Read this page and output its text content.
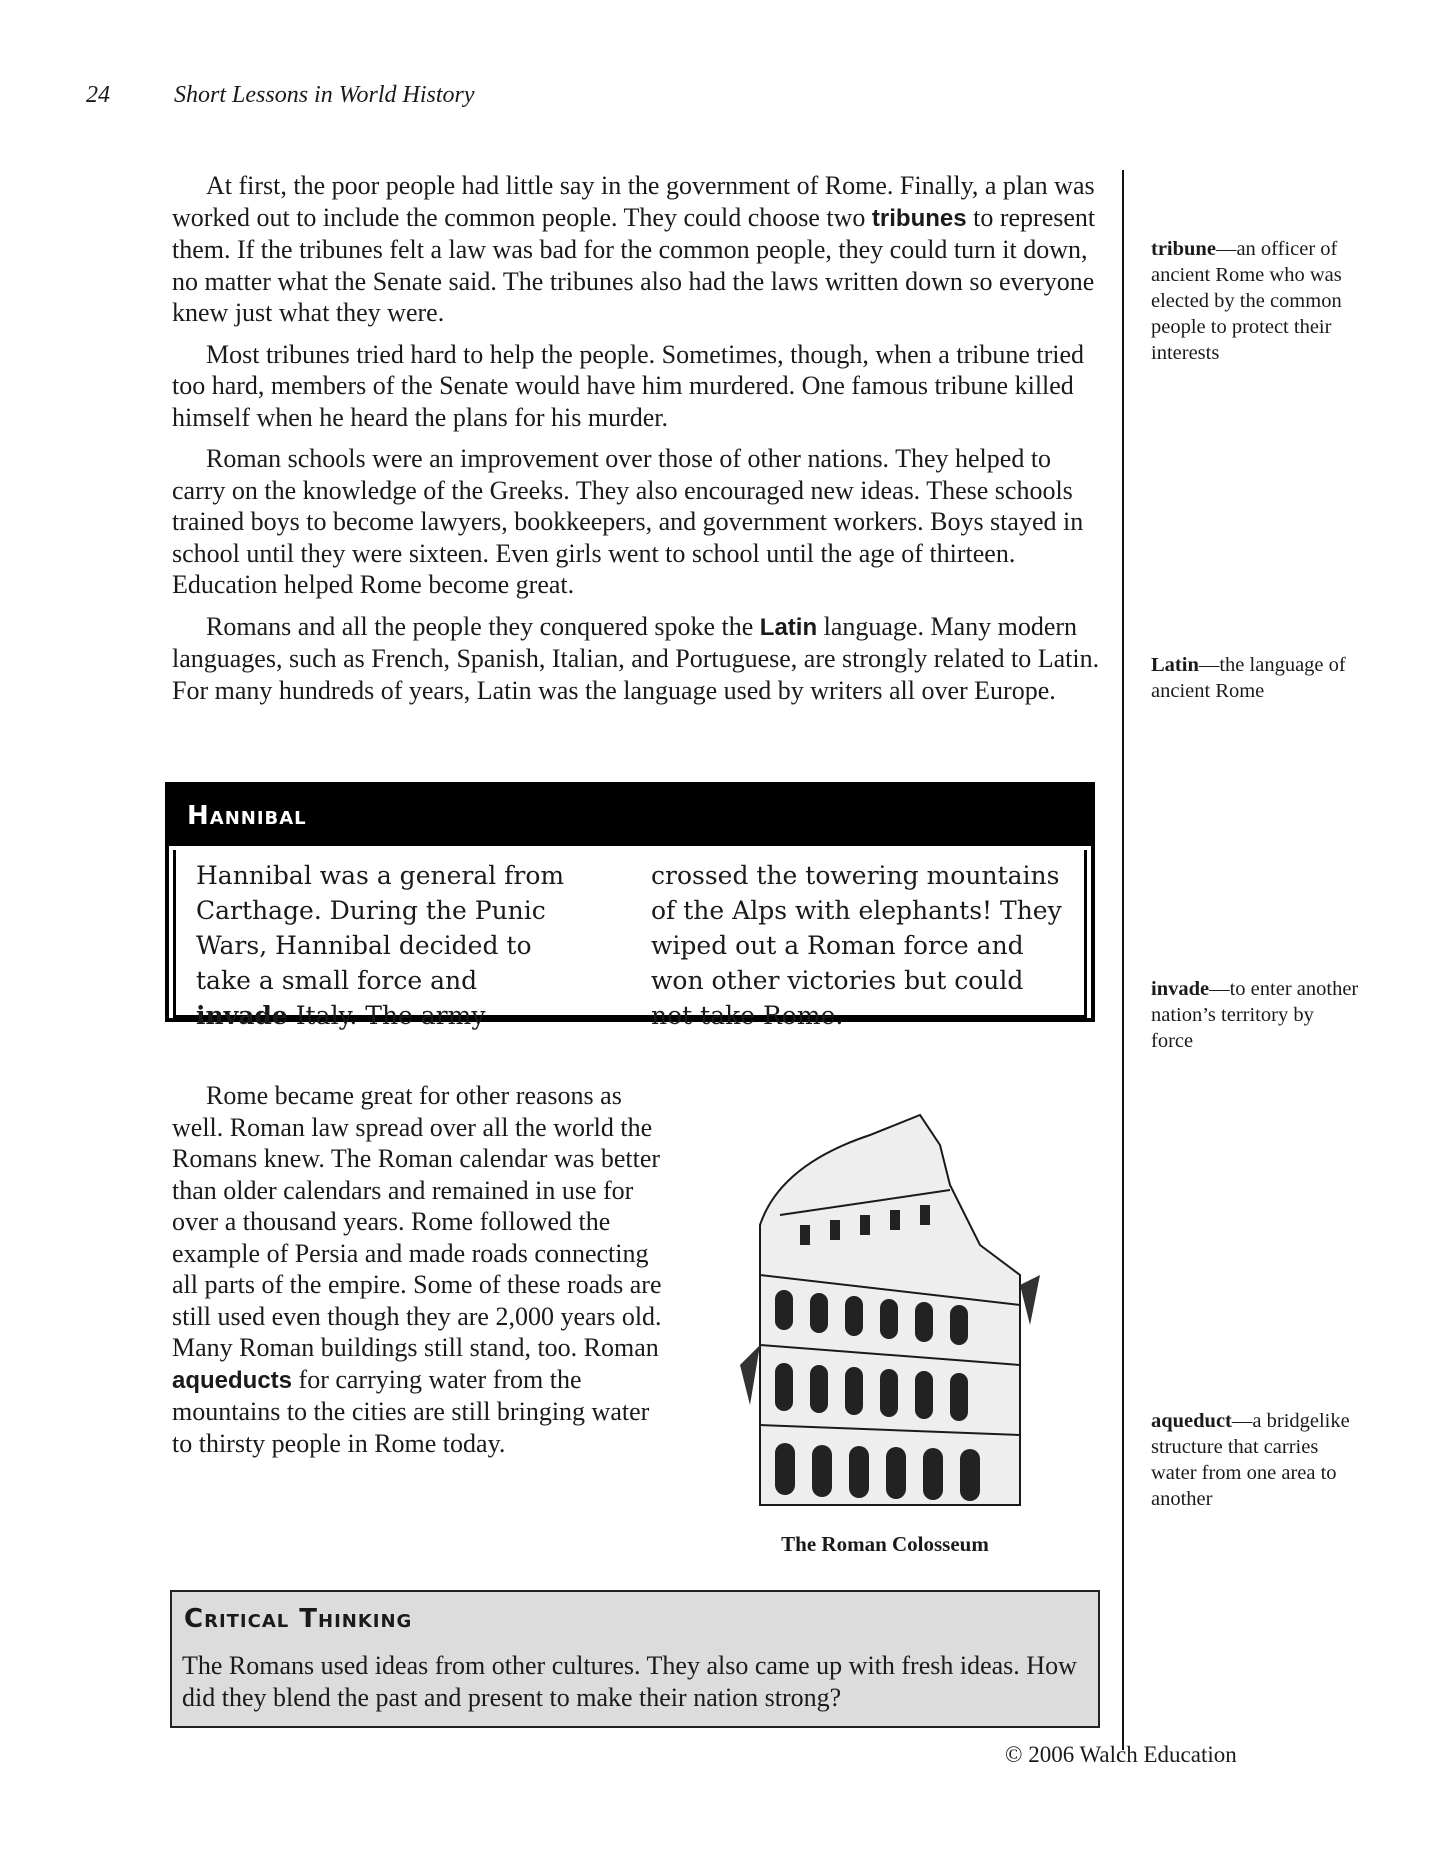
24	Short Lessons in World History

At first, the poor people had little say in the government of Rome. Finally, a plan was worked out to include the common people. They could choose two tribunes to represent them. If the tribunes felt a law was bad for the common people, they could turn it down, no matter what the Senate said. The tribunes also had the laws written down so everyone knew just what they were.

Most tribunes tried hard to help the people. Sometimes, though, when a tribune tried too hard, members of the Senate would have him murdered. One famous tribune killed himself when he heard the plans for his murder.

Roman schools were an improvement over those of other nations. They helped to carry on the knowledge of the Greeks. They also encouraged new ideas. These schools trained boys to become lawyers, bookkeepers, and government workers. Boys stayed in school until they were sixteen. Even girls went to school until the age of thirteen. Education helped Rome become great.

Romans and all the people they conquered spoke the Latin language. Many modern languages, such as French, Spanish, Italian, and Portuguese, are strongly related to Latin. For many hundreds of years, Latin was the language used by writers all over Europe.

tribune—an officer of ancient Rome who was elected by the common people to protect their interests
Latin—the language of ancient Rome
invade—to enter another nation’s territory by force
aqueduct—a bridgelike structure that carries water from one area to another
Hannibal
Hannibal was a general from Carthage. During the Punic Wars, Hannibal decided to take a small force and invade Italy. The army
crossed the towering mountains of the Alps with elephants! They wiped out a Roman force and won other victories but could not take Rome.

Rome became great for other reasons as well. Roman law spread over all the world the Romans knew. The Roman calendar was better than older calendars and remained in use for over a thousand years. Rome followed the example of Persia and made roads connecting all parts of the empire. Some of these roads are still used even though they are 2,000 years old. Many Roman buildings still stand, too. Roman aqueducts for carrying water from the mountains to the cities are still bringing water to thirsty people in Rome today.

The Roman Colosseum
Critical Thinking
The Romans used ideas from other cultures. They also came up with fresh ideas. How did they blend the past and present to make their nation strong?
© 2006 Walch Education
